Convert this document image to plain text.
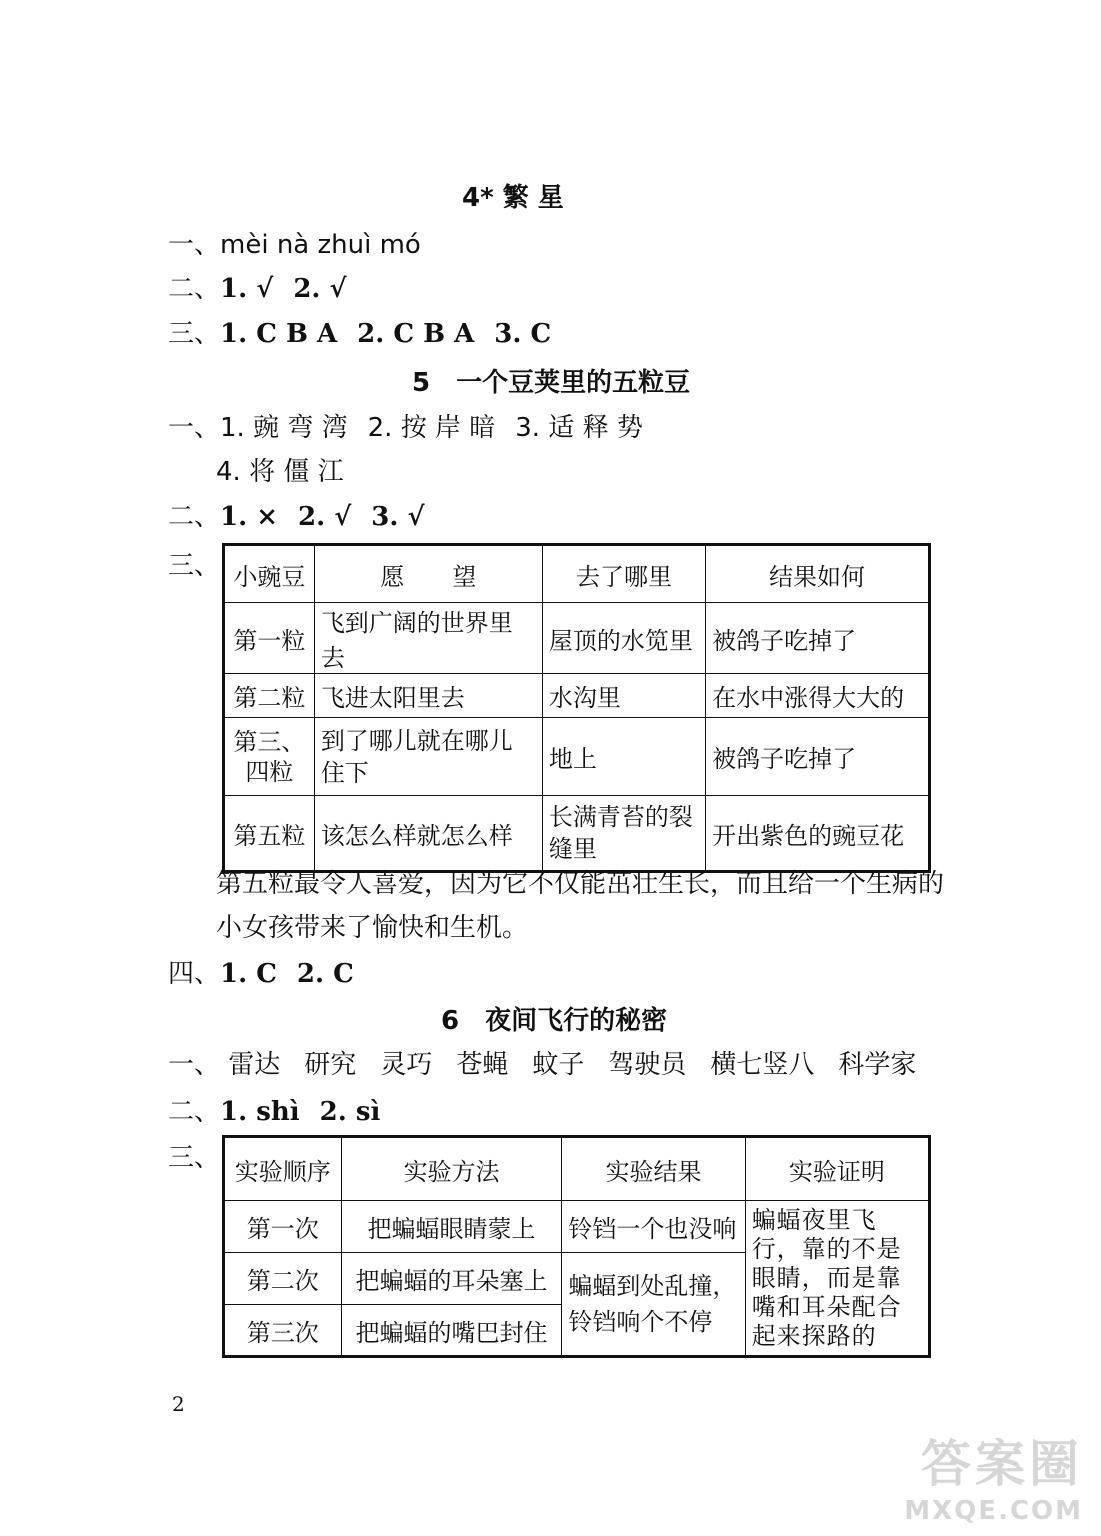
4* 繁 星
一、mèi nà zhuì mó
二、1. √ 2. √
三、1. C B A 2. C B A 3. C
5　一个豆荚里的五粒豆
一、1. 豌 弯 湾 2. 按 岸 暗 3. 适 释 势
4. 将 僵 江
二、1. × 2. √ 3. √
三、 小豌豆	愿　　望	去了哪里	结果如何
第一粒	飞到广阔的世界里去	屋顶的水笕里	被鸽子吃掉了
第二粒	飞进太阳里去	水沟里	在水中涨得大大的
第三、四粒	到了哪儿就在哪儿住下	地上	被鸽子吃掉了
第五粒	该怎么样就怎么样	长满青苔的裂缝里	开出紫色的豌豆花
第五粒最令人喜爱，因为它不仅能茁壮生长，而且给一个生病的
小女孩带来了愉快和生机。
四、1. C 2. C
6　夜间飞行的秘密
一、 雷达 研究 灵巧 苍蝇 蚊子 驾驶员 横七竖八 科学家
二、1. shì 2. sì
三、 实验顺序	实验方法	实验结果	实验证明
第一次	把蝙蝠眼睛蒙上	铃铛一个也没响	蝙蝠夜里飞行，靠的不是眼睛，而是靠嘴和耳朵配合起来探路的
第二次	把蝙蝠的耳朵塞上	蝙蝠到处乱撞，铃铛响个不停	
第三次	把蝙蝠的嘴巴封住		
2
答案圈
MXQE.COM
